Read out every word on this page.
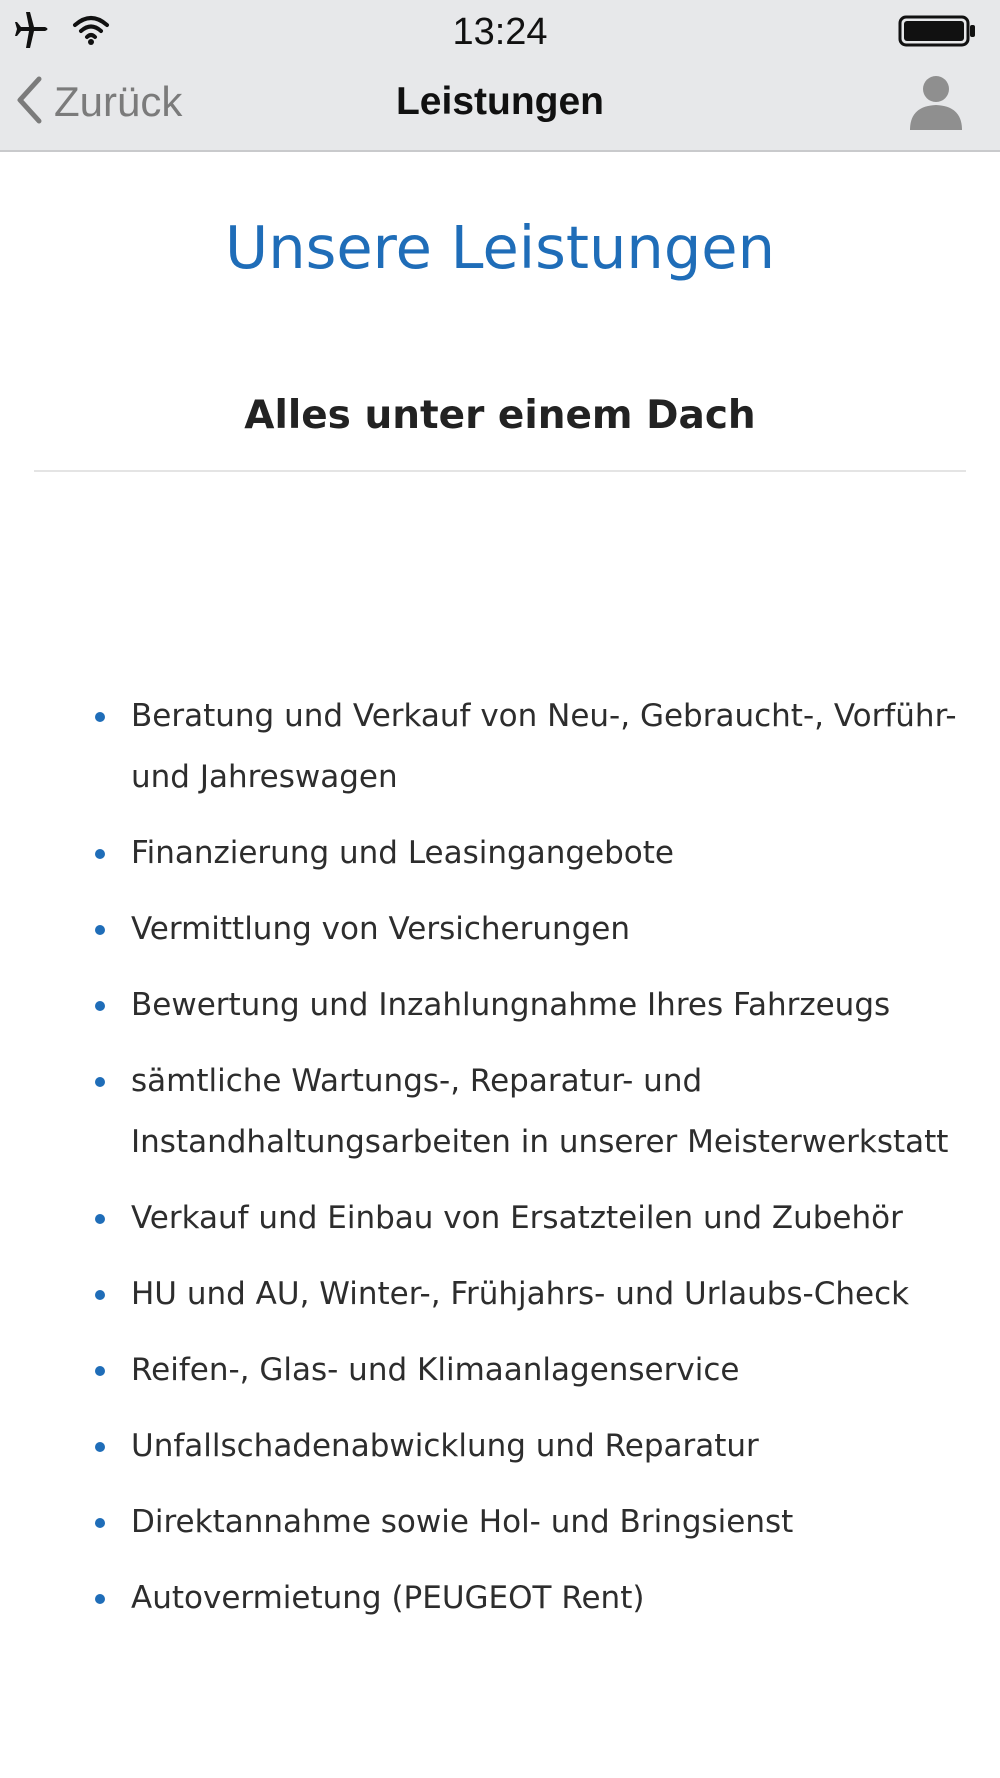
13:24
Zurück	Leistungen
Unsere Leistungen
Alles unter einem Dach
Beratung und Verkauf von Neu-, Gebraucht-, Vorführ- und Jahreswagen
Finanzierung und Leasingangebote
Vermittlung von Versicherungen
Bewertung und Inzahlungnahme Ihres Fahrzeugs
sämtliche Wartungs-, Reparatur- und Instandhaltungsarbeiten in unserer Meisterwerkstatt
Verkauf und Einbau von Ersatzteilen und Zubehör
HU und AU, Winter-, Frühjahrs- und Urlaubs-Check
Reifen-, Glas- und Klimaanlagenservice
Unfallschadenabwicklung und Reparatur
Direktannahme sowie Hol- und Bringsienst
Autovermietung (PEUGEOT Rent)
